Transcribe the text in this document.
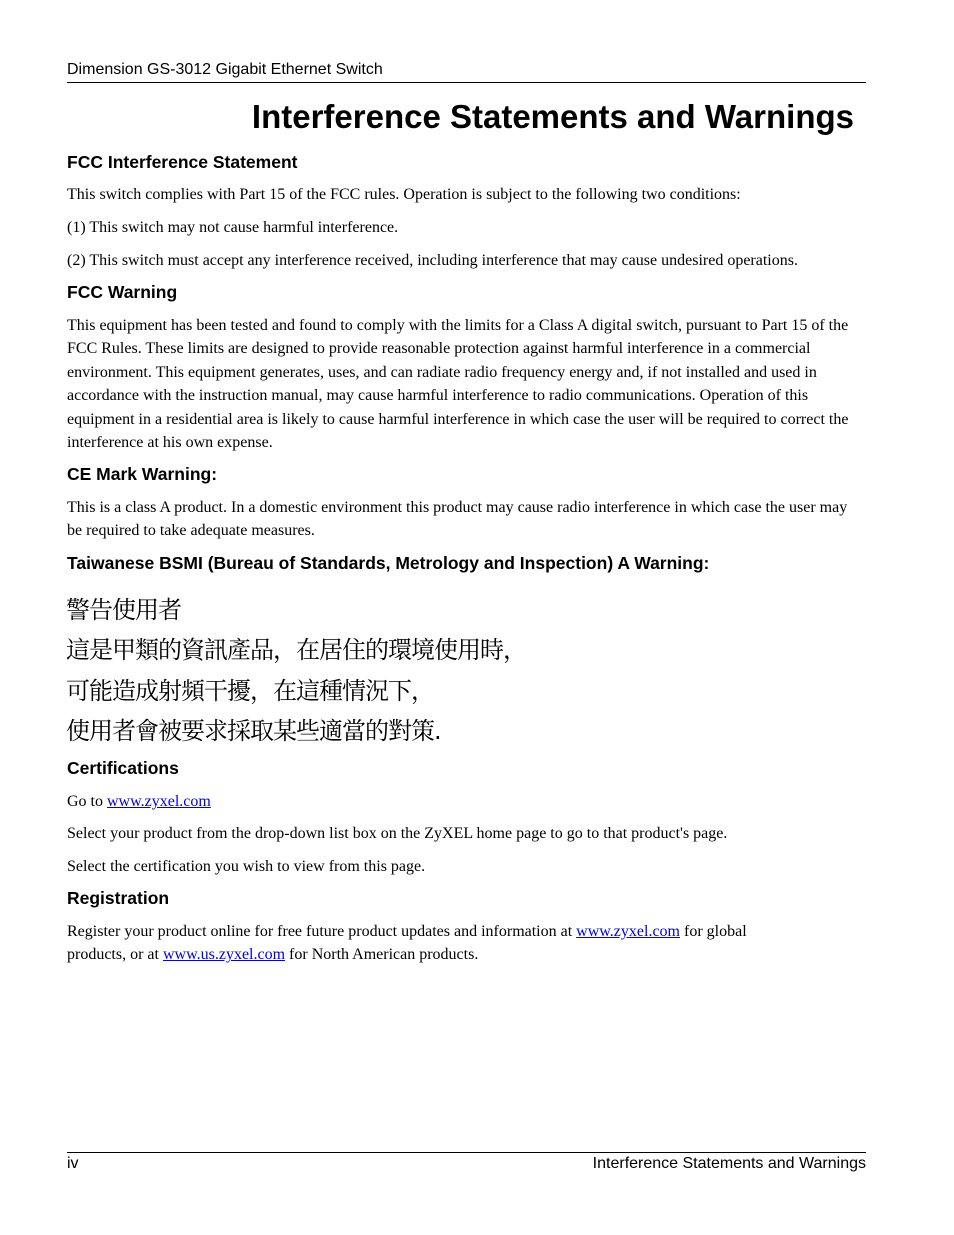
Dimension GS-3012 Gigabit Ethernet Switch
Interference Statements and Warnings
FCC Interference Statement

This switch complies with Part 15 of the FCC rules. Operation is subject to the following two conditions:

(1) This switch may not cause harmful interference.

(2) This switch must accept any interference received, including interference that may cause undesired operations.

FCC Warning

This equipment has been tested and found to comply with the limits for a Class A digital switch, pursuant to Part 15 of the FCC Rules. These limits are designed to provide reasonable protection against harmful interference in a commercial environment. This equipment generates, uses, and can radiate radio frequency energy and, if not installed and used in accordance with the instruction manual, may cause harmful interference to radio communications. Operation of this equipment in a residential area is likely to cause harmful interference in which case the user will be required to correct the interference at his own expense.

CE Mark Warning:

This is a class A product. In a domestic environment this product may cause radio interference in which case the user may be required to take adequate measures.

Taiwanese BSMI (Bureau of Standards, Metrology and Inspection) A Warning:

警告使用者

這是甲類的資訊產品，在居住的環境使用時，

可能造成射頻干擾，在這種情況下，

使用者會被要求採取某些適當的對策.

Certifications

Go to www.zyxel.com

Select your product from the drop-down list box on the ZyXEL home page to go to that product's page.

Select the certification you wish to view from this page.

Registration

Register your product online for free future product updates and information at www.zyxel.com for global products, or at www.us.zyxel.com for North American products.

iv	Interference Statements and Warnings
